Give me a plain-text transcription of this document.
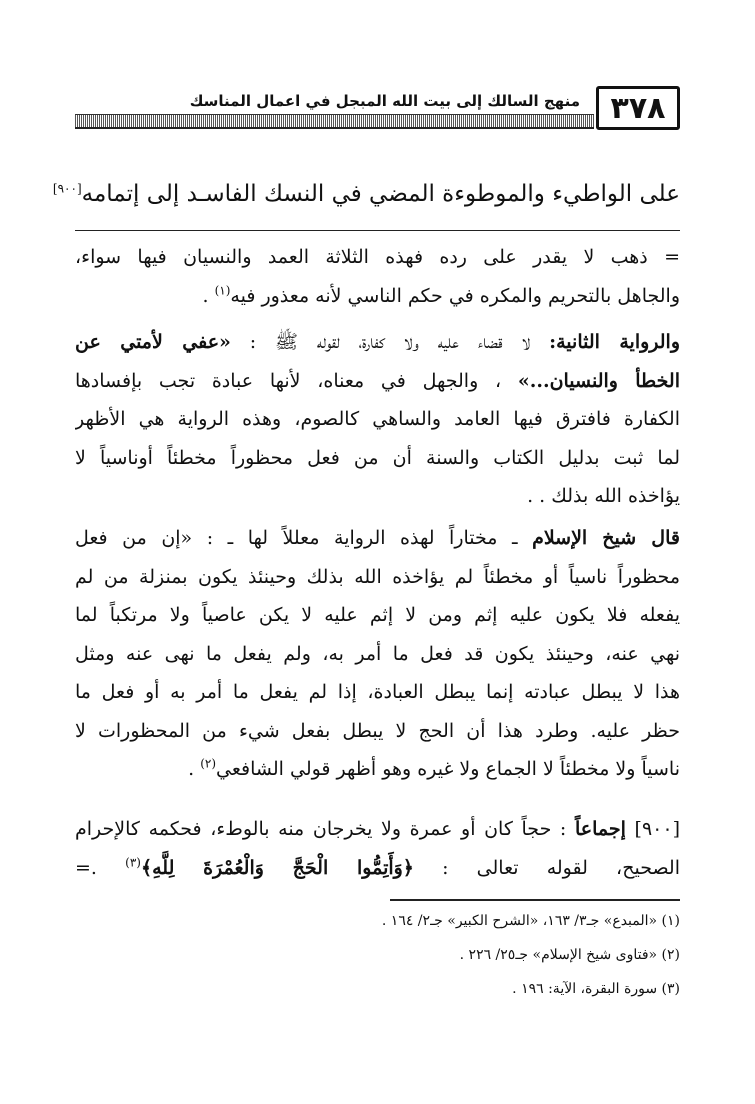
٣٧٨
منهج السالك إلى بيت الله المبجل في اعمال المناسك
على الواطيء والموطوءة المضي في النسك الفاسـد إلى إتمامه[٩٠٠]
= ذهب لا يقدر على رده فهذه الثلاثة العمد والنسيان فيها سواء،
والجاهل بالتحريم والمكره في حكم الناسي لأنه معذور فيه$^{(١)}$ .
والرواية الثانية: لا قضاء عليه ولا كفارة، لقوله ﷺ : «عفي لأمتي عن
الخطأ والنسيان...» ، والجهل في معناه، لأنها عبادة تجب بإفسادها
الكفارة فافترق فيها العامد والساهي كالصوم، وهذه الرواية هي الأظهر
لما ثبت بدليل الكتاب والسنة أن من فعل محظوراً مخطئاً أوناسياً لا
يؤاخذه الله بذلك . .
قال شيخ الإسلام ـ مختاراً لهذه الرواية معللاً لها ـ : «إن من فعل
محظوراً ناسياً أو مخطئاً لم يؤاخذه الله بذلك وحينئذ يكون بمنزلة من لم
يفعله فلا يكون عليه إثم ومن لا إثم عليه لا يكن عاصياً ولا مرتكباً لما
نهي عنه، وحينئذ يكون قد فعل ما أمر به، ولم يفعل ما نهى عنه ومثل
هذا لا يبطل عبادته إنما يبطل العبادة، إذا لم يفعل ما أمر به أو فعل ما
حظر عليه. وطرد هذا أن الحج لا يبطل بفعل شيء من المحظورات لا
ناسياً ولا مخطئاً لا الجماع ولا غيره وهو أظهر قولي الشافعي$^{(٢)}$ .
[٩٠٠] إجماعاً : حجاً كان أو عمرة ولا يخرجان منه بالوطء، فحكمه كالإحرام
الصحيح، لقوله تعالى : ﴿وَأَتِمُّوا الْحَجَّ وَالْعُمْرَةَ لِلَّهِ﴾$^{(٣)}$ .=
(١) «المبدع» جـ٣/ ١٦٣، «الشرح الكبير» جـ٢/ ١٦٤ .
(٢) «فتاوى شيخ الإسلام» جـ٢٥/ ٢٢٦ .
(٣) سورة البقرة، الآية: ١٩٦ .
